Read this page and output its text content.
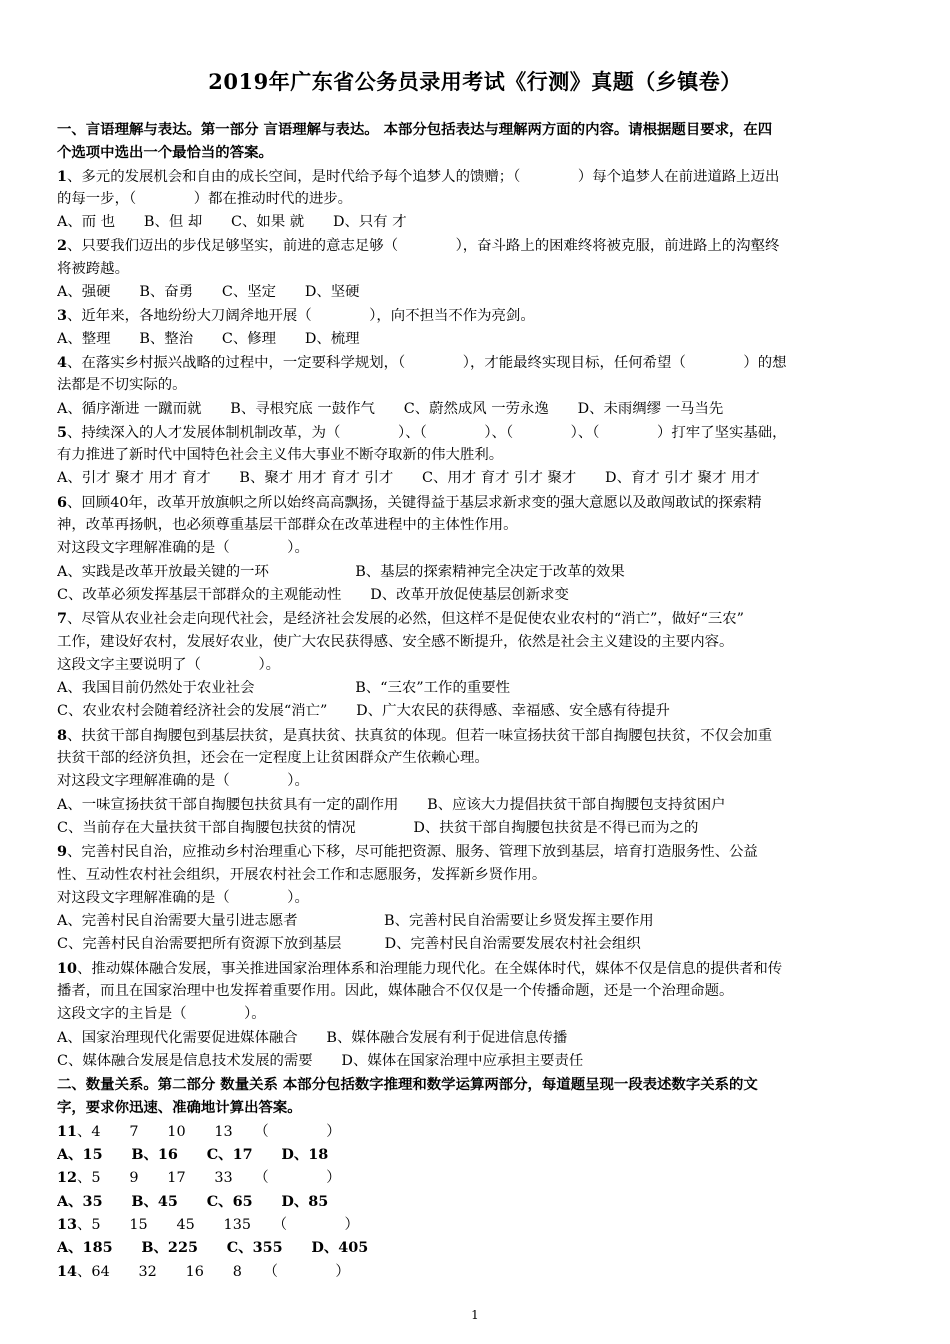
2019年广东省公务员录用考试《行测》真题（乡镇卷）
一、言语理解与表达。第一部分 言语理解与表达。 本部分包括表达与理解两方面的内容。请根据题目要求，在四
个选项中选出一个最恰当的答案。
1、多元的发展机会和自由的成长空间，是时代给予每个追梦人的馈赠；（　　　　）每个追梦人在前进道路上迈出
的每一步，（　　　　）都在推动时代的进步。
A、而 也　　B、但 却　　C、如果 就　　D、只有 才
2、只要我们迈出的步伐足够坚实，前进的意志足够（　　　　），奋斗路上的困难终将被克服，前进路上的沟壑终
将被跨越。
A、强硬　　B、奋勇　　C、坚定　　D、坚硬
3、近年来，各地纷纷大刀阔斧地开展（　　　　），向不担当不作为亮剑。
A、整理　　B、整治　　C、修理　　D、梳理
4、在落实乡村振兴战略的过程中，一定要科学规划，（　　　　），才能最终实现目标，任何希望（　　　　）的想
法都是不切实际的。
A、循序渐进 一蹴而就　　B、寻根究底 一鼓作气　　C、蔚然成风 一劳永逸　　D、未雨绸缪 一马当先
5、持续深入的人才发展体制机制改革，为（　　　　）、（　　　　）、（　　　　）、（　　　　）打牢了坚实基础，
有力推进了新时代中国特色社会主义伟大事业不断夺取新的伟大胜利。
A、引才 聚才 用才 育才　　B、聚才 用才 育才 引才　　C、用才 育才 引才 聚才　　D、育才 引才 聚才 用才
6、回顾40年，改革开放旗帜之所以始终高高飘扬，关键得益于基层求新求变的强大意愿以及敢闯敢试的探索精
神，改革再扬帆，也必须尊重基层干部群众在改革进程中的主体性作用。
对这段文字理解准确的是（　　　　）。
A、实践是改革开放最关键的一环　　　　　　B、基层的探索精神完全决定于改革的效果
C、改革必须发挥基层干部群众的主观能动性　　D、改革开放促使基层创新求变
7、尽管从农业社会走向现代社会，是经济社会发展的必然，但这样不是促使农业农村的“消亡”，做好“三农”
工作，建设好农村，发展好农业，使广大农民获得感、安全感不断提升，依然是社会主义建设的主要内容。
这段文字主要说明了（　　　　）。
A、我国目前仍然处于农业社会　　　　　　　B、“三农”工作的重要性
C、农业农村会随着经济社会的发展“消亡”　　D、广大农民的获得感、幸福感、安全感有待提升
8、扶贫干部自掏腰包到基层扶贫，是真扶贫、扶真贫的体现。但若一味宣扬扶贫干部自掏腰包扶贫，不仅会加重
扶贫干部的经济负担，还会在一定程度上让贫困群众产生依赖心理。
对这段文字理解准确的是（　　　　）。
A、一味宣扬扶贫干部自掏腰包扶贫具有一定的副作用　　B、应该大力提倡扶贫干部自掏腰包支持贫困户
C、当前存在大量扶贫干部自掏腰包扶贫的情况　　　　D、扶贫干部自掏腰包扶贫是不得已而为之的
9、完善村民自治，应推动乡村治理重心下移，尽可能把资源、服务、管理下放到基层，培育打造服务性、公益
性、互动性农村社会组织，开展农村社会工作和志愿服务，发挥新乡贤作用。
对这段文字理解准确的是（　　　　）。
A、完善村民自治需要大量引进志愿者　　　　　　B、完善村民自治需要让乡贤发挥主要作用
C、完善村民自治需要把所有资源下放到基层　　　D、完善村民自治需要发展农村社会组织
10、推动媒体融合发展，事关推进国家治理体系和治理能力现代化。在全媒体时代，媒体不仅是信息的提供者和传
播者，而且在国家治理中也发挥着重要作用。因此，媒体融合不仅仅是一个传播命题，还是一个治理命题。
这段文字的主旨是（　　　　）。
A、国家治理现代化需要促进媒体融合　　B、媒体融合发展有利于促进信息传播
C、媒体融合发展是信息技术发展的需要　　D、媒体在国家治理中应承担主要责任
二、数量关系。第二部分 数量关系 本部分包括数字推理和数学运算两部分，每道题呈现一段表述数字关系的文
字，要求你迅速、准确地计算出答案。
11、4　　7　　10　　13　　（　　　　）
A、15　　B、16　　C、17　　D、18
12、5　　9　　17　　33　　（　　　　）
A、35　　B、45　　C、65　　D、85
13、5　　15　　45　　135　　（　　　　）
A、185　　B、225　　C、355　　D、405
14、64　　32　　16　　8　　（　　　　）
1
